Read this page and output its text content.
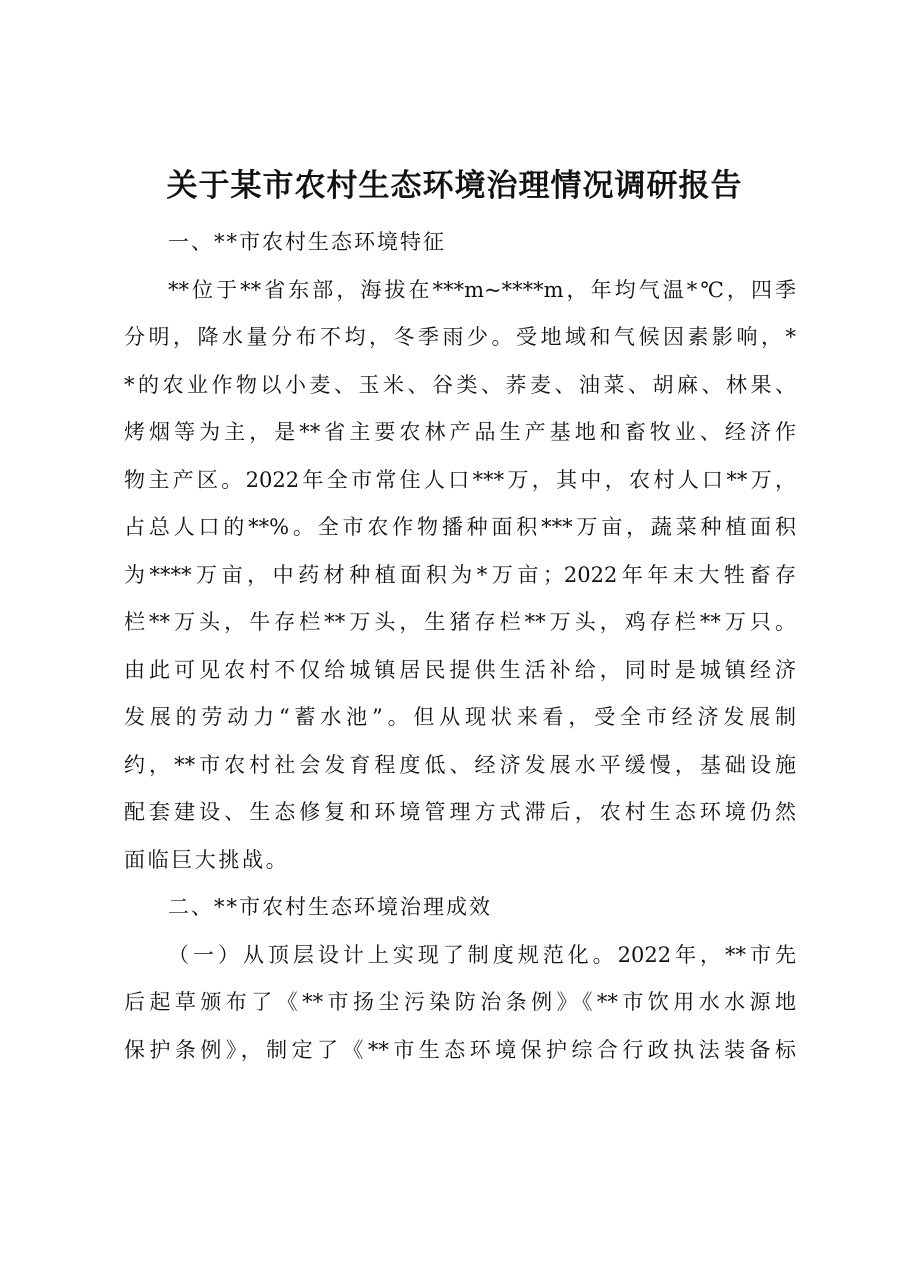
关于某市农村生态环境治理情况调研报告
一、**市农村生态环境特征
**位于**省东部，海拔在***m~****m，年均气温*℃，四季
分明，降水量分布不均，冬季雨少。受地域和气候因素影响，*
*的农业作物以小麦、玉米、谷类、荞麦、油菜、胡麻、林果、
烤烟等为主，是**省主要农林产品生产基地和畜牧业、经济作
物主产区。2022年全市常住人口***万，其中，农村人口**万，
占总人口的**%。全市农作物播种面积***万亩，蔬菜种植面积
为****万亩，中药材种植面积为*万亩；2022年年末大牲畜存
栏**万头，牛存栏**万头，生猪存栏**万头，鸡存栏**万只。
由此可见农村不仅给城镇居民提供生活补给，同时是城镇经济
发展的劳动力“蓄水池”。但从现状来看，受全市经济发展制
约，**市农村社会发育程度低、经济发展水平缓慢，基础设施
配套建设、生态修复和环境管理方式滞后，农村生态环境仍然
面临巨大挑战。
二、**市农村生态环境治理成效
（一）从顶层设计上实现了制度规范化。2022年，**市先
后起草颁布了《**市扬尘污染防治条例》《**市饮用水水源地
保护条例》，制定了《**市生态环境保护综合行政执法装备标
